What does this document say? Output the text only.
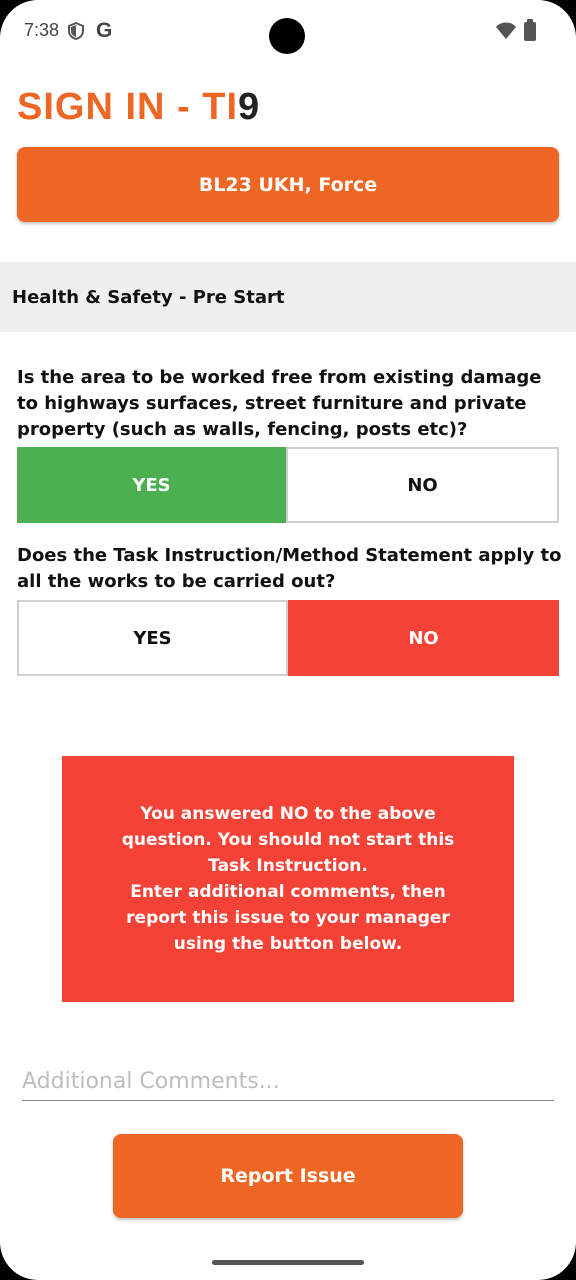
7:38 G
SIGN IN - TI9
BL23 UKH, Force
Health & Safety - Pre Start
Is the area to be worked free from existing damage to highways surfaces, street furniture and private property (such as walls, fencing, posts etc)?
YES	NO
Does the Task Instruction/Method Statement apply to all the works to be carried out?
YES	NO
You answered NO to the above question. You should not start this Task Instruction.
Enter additional comments, then report this issue to your manager using the button below.
Additional Comments...
Report Issue
